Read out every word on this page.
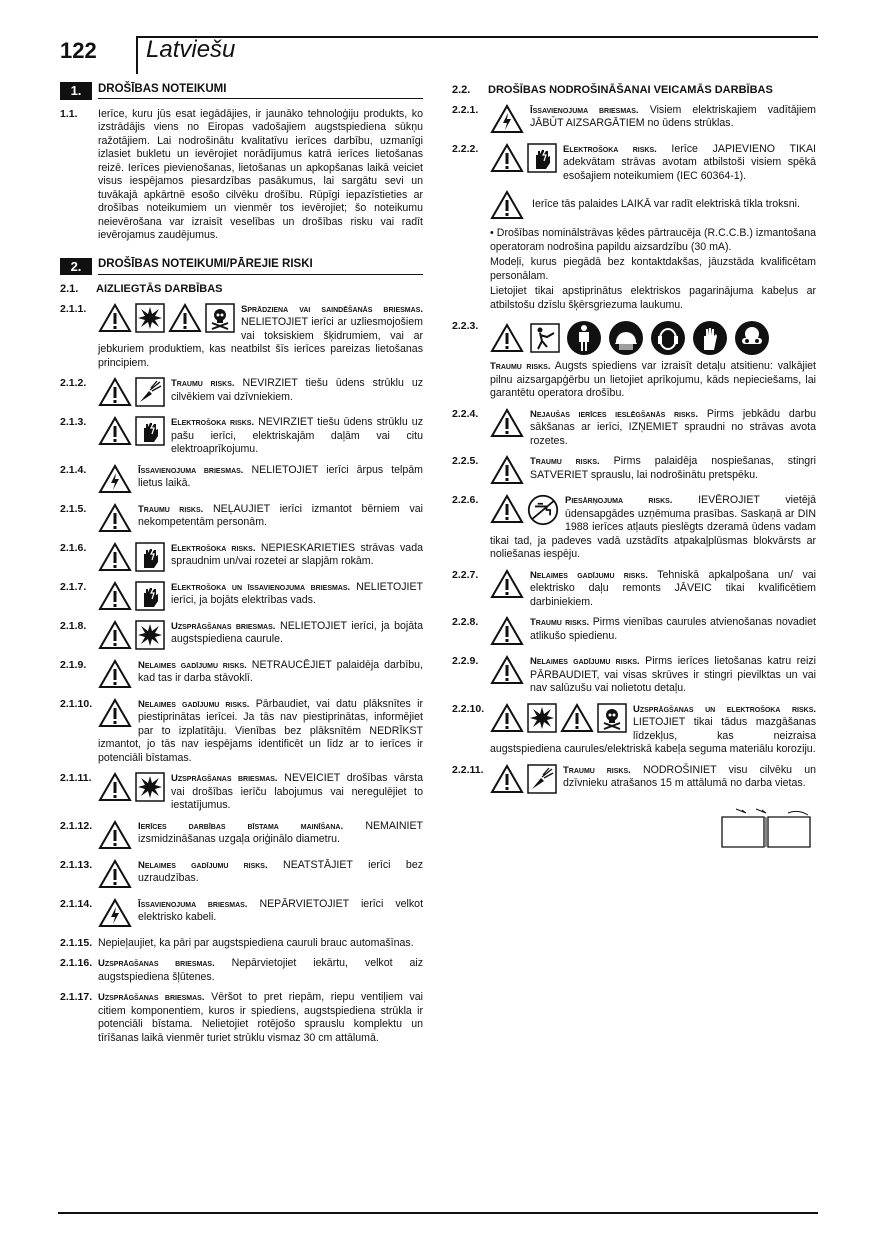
122 Latviešu
1.	DROŠĪBAS NOTEIKUMI
1.1.	Ierīce, kuru jūs esat iegādājies, ir jaunāko tehnoloģiju produkts, ko izstrādājis viens no Eiropas vadošajiem augstspiediena sūkņu ražotājiem. Lai nodrošinātu kvalitatīvu ierīces darbību, uzmanīgi izlasiet bukletu un ievērojiet norādījumus katrā ierīces lietošanas reizē. Ierīces pievienošanas, lietošanas un apkopšanas laikā veiciet visus iespējamos piesardzības pasākumus, lai sargātu sevi un tuvākajā apkārtnē esošo cilvēku drošību. Rūpīgi iepazīstieties ar drošības noteikumiem un vienmēr tos ievērojiet; šo noteikumu neievērošana var izraisīt veselības un drošības risku vai radīt ievērojamus zaudējumus.
2.	DROŠĪBAS NOTEIKUMI/PĀREJIE RISKI
2.1.	AIZLIEGTĀS DARBĪBAS
2.1.1.	Sprādziena vai saindēšanās briesmas. NELIETOJIET ierīci ar uzliesmojošiem vai toksiskiem šķidrumiem, vai ar jebkuriem produktiem, kas neatbilst šīs ierīces pareizas lietošanas principiem.
2.1.2.	Traumu risks. NEVIRZIET tiešu ūdens strūklu uz cilvēkiem vai dzīvniekiem.
2.1.3.	Elektrošoka risks. NEVIRZIET tiešu ūdens strūklu uz pašu ierīci, elektriskajām daļām vai citu elektroaprīkojumu.
2.1.4.	Īssavienojuma briesmas. NELIETOJIET ierīci ārpus telpām lietus laikā.
2.1.5.	Traumu risks. NEĻAUJIET ierīci izmantot bērniem vai nekompetentām personām.
2.1.6.	Elektrošoka risks. NEPIESKARIETIES strāvas vada spraudnim un/vai rozetei ar slapjām rokām.
2.1.7.	Elektrošoka un īssavienojuma briesmas. NELIETOJIET ierīci, ja bojāts elektrības vads.
2.1.8.	Uzsprāgšanas briesmas. NELIETOJIET ierīci, ja bojāta augstspiediena caurule.
2.1.9.	Nelaimes gadījumu risks. NETRAUCĒJIET palaidēja darbību, kad tas ir darba stāvoklī.
2.1.10.	Nelaimes gadījumu risks. Pārbaudiet, vai datu plāksnītes ir piestiprinātas ierīcei. Ja tās nav piestiprinātas, informējiet par to izplatītāju. Vienības bez plāksnītēm NEDRĪKST izmantot, jo tās nav iespējams identificēt un līdz ar to ierīces ir potenciāli bīstamas.
2.1.11.	Uzsprāgšanas briesmas. NEVEICIET drošības vārsta vai drošības ierīču labojumus vai neregulējiet to iestatījumus.
2.1.12.	Ierīces darbības bīstama mainīšana. NEMAINIET izsmidzināšanas uzgaļa oriģinālo diametru.
2.1.13.	Nelaimes gadījumu risks. NEATSTĀJIET ierīci bez uzraudzības.
2.1.14.	Īssavienojuma briesmas. NEPĀRVIETOJIET ierīci velkot elektrisko kabeli.
2.1.15. Nepieļaujiet, ka pāri par augstspiediena cauruli brauc automašīnas.
2.1.16. Uzsprāgšanas briesmas. Nepārvietojiet iekārtu, velkot aiz augstspiediena šļūtenes.
2.1.17. Uzsprāgšanas briesmas. Vēršot to pret riepām, riepu ventiļiem vai citiem komponentiem, kuros ir spiediens, augstspiediena strūkla ir potenciāli bīstama. Nelietojiet rotējošo sprauslu komplektu un tīrīšanas laikā vienmēr turiet strūklu vismaz 30 cm attālumā.
2.2.	DROŠĪBAS NODROŠINĀŠANAI VEICAMĀS DARBĪBAS
2.2.1.	Īssavienojuma briesmas. Visiem elektriskajiem vadītājiem JĀBŪT AIZSARGĀTIEM no ūdens strūklas.
2.2.2.	Elektrošoka risks. Ierīce JAPIEVIENO TIKAI adekvātam strāvas avotam atbilstoši visiem spēkā esošajiem noteikumiem (IEC 60364-1).
Ierīce tās palaides LAIKĀ var radīt elektriskā tīkla troksni.
• Drošības nominālstrāvas ķēdes pārtraucēja (R.C.C.B.) izmantošana operatoram nodrošina papildu aizsardzību (30 mA).
Modeļi, kurus piegādā bez kontaktdakšas, jāuzstāda kvalificētam personālam.
Lietojiet tikai apstiprinātus elektriskos pagarinājuma kabeļus ar atbilstošu dzīslu šķērsgriezuma laukumu.
2.2.3.
Traumu risks. Augsts spiediens var izraisīt detaļu atsitienu: valkājiet pilnu aizsargapģērbu un lietojiet aprīkojumu, kāds nepieciešams, lai garantētu operatora drošību.
2.2.4.	Nejaušas ierīces ieslēgšanās risks. Pirms jebkādu darbu sākšanas ar ierīci, IZŅEMIET spraudni no strāvas avota rozetes.
2.2.5.	Traumu risks. Pirms palaidēja nospiešanas, stingri SATVERIET sprauslu, lai nodrošinātu pretspēku.
2.2.6.	Piesārņojuma risks. IEVĒROJIET vietējā ūdensapgādes uzņēmuma prasības. Saskaņā ar DIN 1988 ierīces atļauts pieslēgts dzeramā ūdens vadam tikai tad, ja padeves vadā uzstādīts atpakaļplūsmas blokvārsts ar noliešanas iespēju.
2.2.7.	Nelaimes gadījumu risks. Tehniskā apkalpošana un/ vai elektrisko daļu remonts JĀVEIC tikai kvalificētiem darbiniekiem.
2.2.8.	Traumu risks. Pirms vienības caurules atvienošanas novadiet atlikušo spiedienu.
2.2.9.	Nelaimes gadījumu risks. Pirms ierīces lietošanas katru reizi PĀRBAUDIET, vai visas skrūves ir stingri pievilktas un vai nav salūzušu vai nolietotu detaļu.
2.2.10.	Uzsprāgšanas un elektrošoka risks. LIETOJIET tikai tādus mazgāšanas līdzekļus, kas neizraisa augstspiediena caurules/elektriskā kabeļa seguma materiālu koroziju.
2.2.11.	Traumu risks. NODROŠINIET visu cilvēku un dzīvnieku atrašanos 15 m attālumā no darba vietas.
